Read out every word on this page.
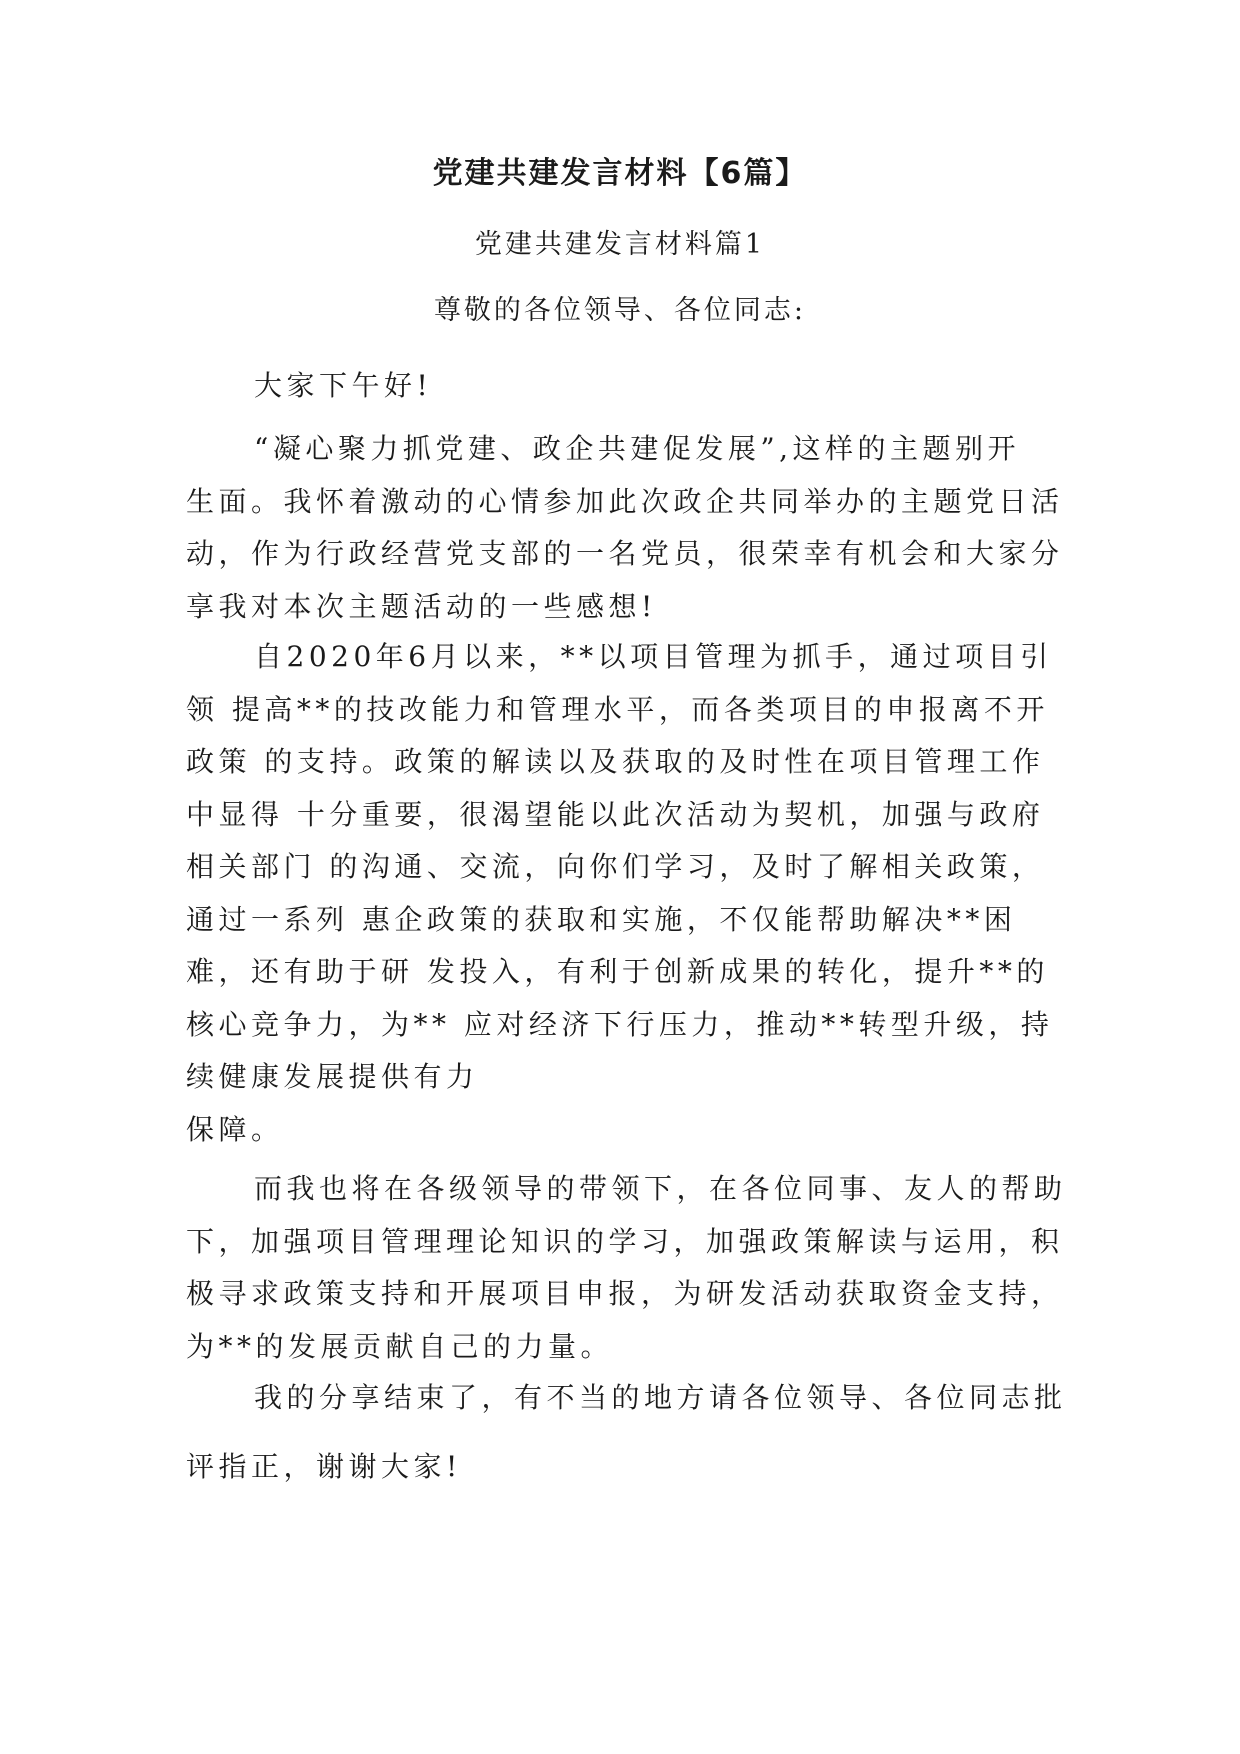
党建共建发言材料【6篇】

党建共建发言材料篇1

尊敬的各位领导、各位同志:

大家下午好!

“凝心聚力抓党建、政企共建促发展”,这样的主题别开
生面。我怀着激动的心情参加此次政企共同举办的主题党日活
动，作为行政经营党支部的一名党员，很荣幸有机会和大家分
享我对本次主题活动的一些感想!

自2020年6月以来，**以项目管理为抓手，通过项目引
领 提高**的技改能力和管理水平，而各类项目的申报离不开
政策 的支持。政策的解读以及获取的及时性在项目管理工作
中显得 十分重要，很渴望能以此次活动为契机，加强与政府
相关部门 的沟通、交流，向你们学习，及时了解相关政策，
通过一系列 惠企政策的获取和实施，不仅能帮助解决**困
难，还有助于研 发投入，有利于创新成果的转化，提升**的
核心竞争力，为** 应对经济下行压力，推动**转型升级，持
续健康发展提供有力
保障。

而我也将在各级领导的带领下，在各位同事、友人的帮助
下，加强项目管理理论知识的学习，加强政策解读与运用，积
极寻求政策支持和开展项目申报，为研发活动获取资金支持，
为**的发展贡献自己的力量。

我的分享结束了，有不当的地方请各位领导、各位同志批
评指正，谢谢大家!
